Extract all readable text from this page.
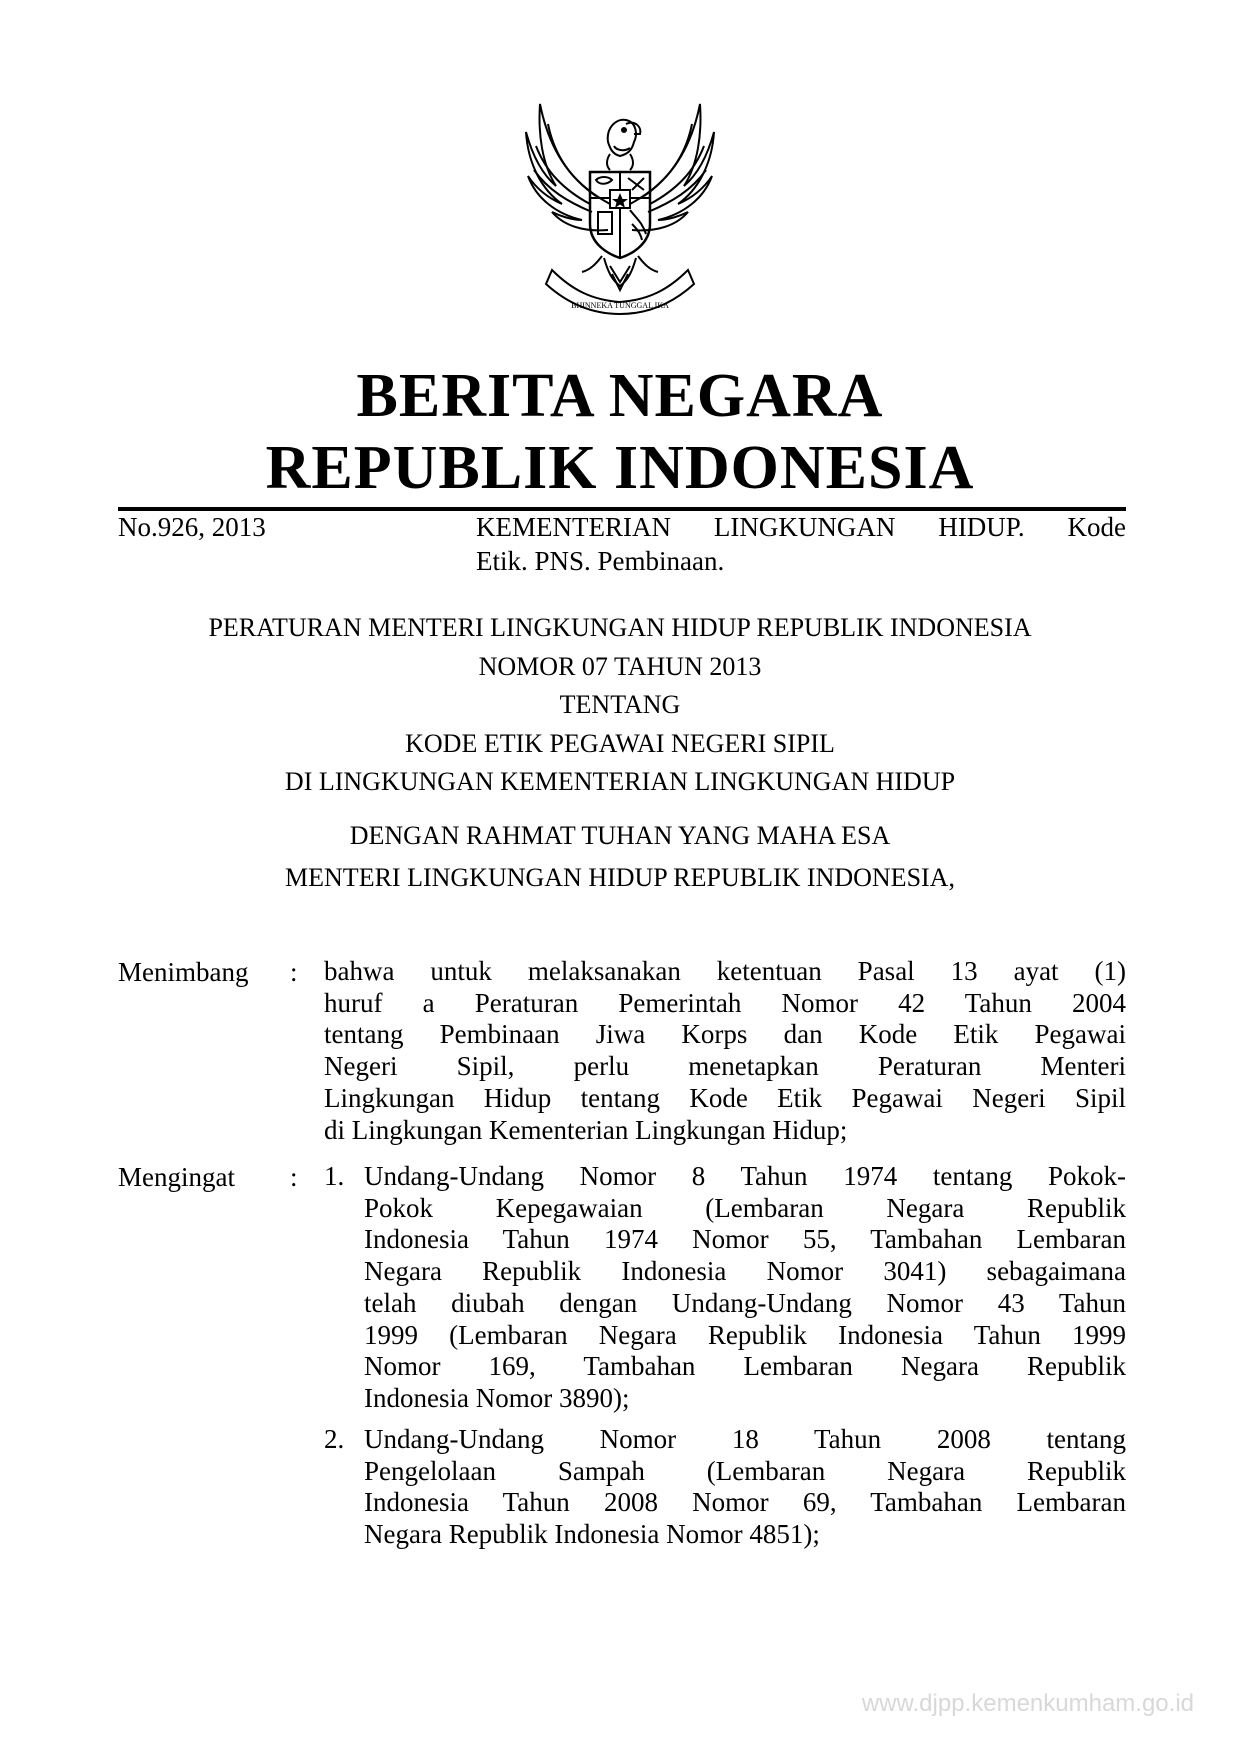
BHINNEKA TUNGGAL IKA
BERITA NEGARA
REPUBLIK INDONESIA
No.926, 2013	KEMENTERIAN LINGKUNGAN HIDUP. Kode
Etik. PNS. Pembinaan.
PERATURAN MENTERI LINGKUNGAN HIDUP REPUBLIK INDONESIA
NOMOR 07 TAHUN 2013
TENTANG
KODE ETIK PEGAWAI NEGERI SIPIL
DI LINGKUNGAN KEMENTERIAN LINGKUNGAN HIDUP
DENGAN RAHMAT TUHAN YANG MAHA ESA
MENTERI LINGKUNGAN HIDUP REPUBLIK INDONESIA,
Menimbang : bahwa untuk melaksanakan ketentuan Pasal 13 ayat (1)
huruf a Peraturan Pemerintah Nomor 42 Tahun 2004
tentang Pembinaan Jiwa Korps dan Kode Etik Pegawai
Negeri Sipil, perlu menetapkan Peraturan Menteri
Lingkungan Hidup tentang Kode Etik Pegawai Negeri Sipil
di Lingkungan Kementerian Lingkungan Hidup;
Mengingat : 1. Undang-Undang Nomor 8 Tahun 1974 tentang Pokok-
Pokok Kepegawaian (Lembaran Negara Republik
Indonesia Tahun 1974 Nomor 55, Tambahan Lembaran
Negara Republik Indonesia Nomor 3041) sebagaimana
telah diubah dengan Undang-Undang Nomor 43 Tahun
1999 (Lembaran Negara Republik Indonesia Tahun 1999
Nomor 169, Tambahan Lembaran Negara Republik
Indonesia Nomor 3890);
2. Undang-Undang Nomor 18 Tahun 2008 tentang
Pengelolaan Sampah (Lembaran Negara Republik
Indonesia Tahun 2008 Nomor 69, Tambahan Lembaran
Negara Republik Indonesia Nomor 4851);
www.djpp.kemenkumham.go.id
